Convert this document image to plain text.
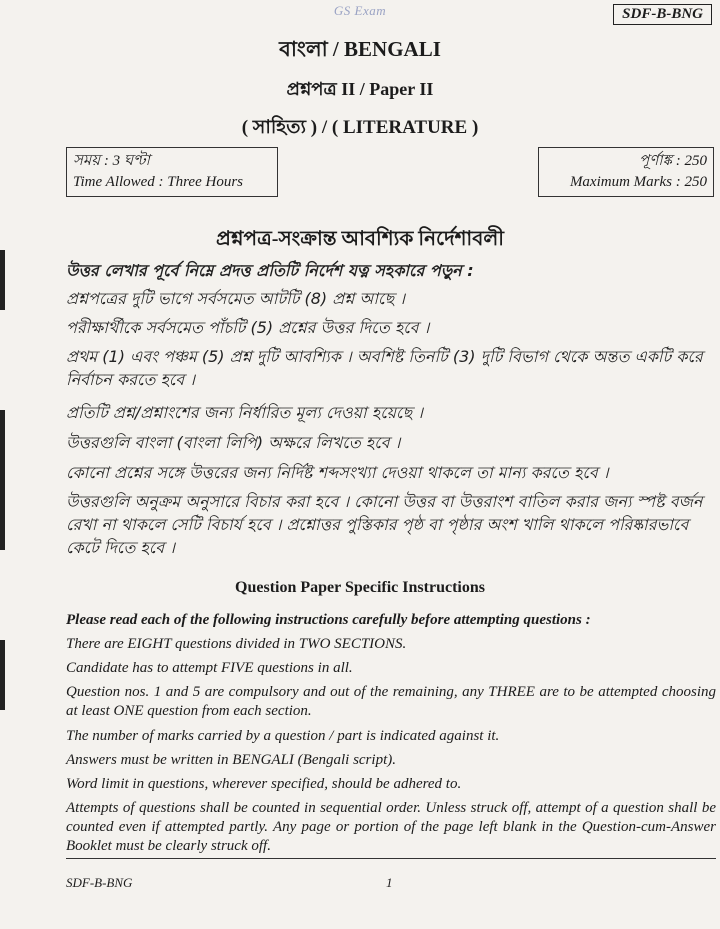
GS Exam	SDF-B-BNG
বাংলা / BENGALI
প্রশ্নপত্র II / Paper II
( সাহিত্য ) / ( LITERATURE )
সময় : 3 ঘণ্টা
Time Allowed : Three Hours
পূর্ণাঙ্ক : 250
Maximum Marks : 250
প্রশ্নপত্র-সংক্রান্ত আবশ্যিক নির্দেশাবলী
উত্তর লেখার পূর্বে নিম্নে প্রদত্ত প্রতিটি নির্দেশ যত্ন সহকারে পড়ুন :
প্রশ্নপত্রের দুটি ভাগে সর্বসমেত আটটি (8) প্রশ্ন আছে ।
পরীক্ষার্থীকে সর্বসমেত পাঁচটি (5) প্রশ্নের উত্তর দিতে হবে ।
প্রথম (1) এবং পঞ্চম (5) প্রশ্ন দুটি আবশ্যিক । অবশিষ্ট তিনটি (3) দুটি বিভাগ থেকে অন্তত একটি করে নির্বাচন করতে হবে ।
প্রতিটি প্রশ্ন/প্রশ্নাংশের জন্য নির্ধারিত মূল্য দেওয়া হয়েছে ।
উত্তরগুলি বাংলা (বাংলা লিপি) অক্ষরে লিখতে হবে ।
কোনো প্রশ্নের সঙ্গে উত্তরের জন্য নির্দিষ্ট শব্দসংখ্যা দেওয়া থাকলে তা মান্য করতে হবে ।
উত্তরগুলি অনুক্রম অনুসারে বিচার করা হবে । কোনো উত্তর বা উত্তরাংশ বাতিল করার জন্য স্পষ্ট বর্জন রেখা না থাকলে সেটি বিচার্য হবে । প্রশ্নোত্তর পুস্তিকার পৃষ্ঠ বা পৃষ্ঠার অংশ খালি থাকলে পরিষ্কারভাবে কেটে দিতে হবে ।
Question Paper Specific Instructions
Please read each of the following instructions carefully before attempting questions :
There are EIGHT questions divided in TWO SECTIONS.
Candidate has to attempt FIVE questions in all.
Question nos. 1 and 5 are compulsory and out of the remaining, any THREE are to be attempted choosing at least ONE question from each section.
The number of marks carried by a question / part is indicated against it.
Answers must be written in BENGALI (Bengali script).
Word limit in questions, wherever specified, should be adhered to.
Attempts of questions shall be counted in sequential order. Unless struck off, attempt of a question shall be counted even if attempted partly. Any page or portion of the page left blank in the Question-cum-Answer Booklet must be clearly struck off.
SDF-B-BNG	1
